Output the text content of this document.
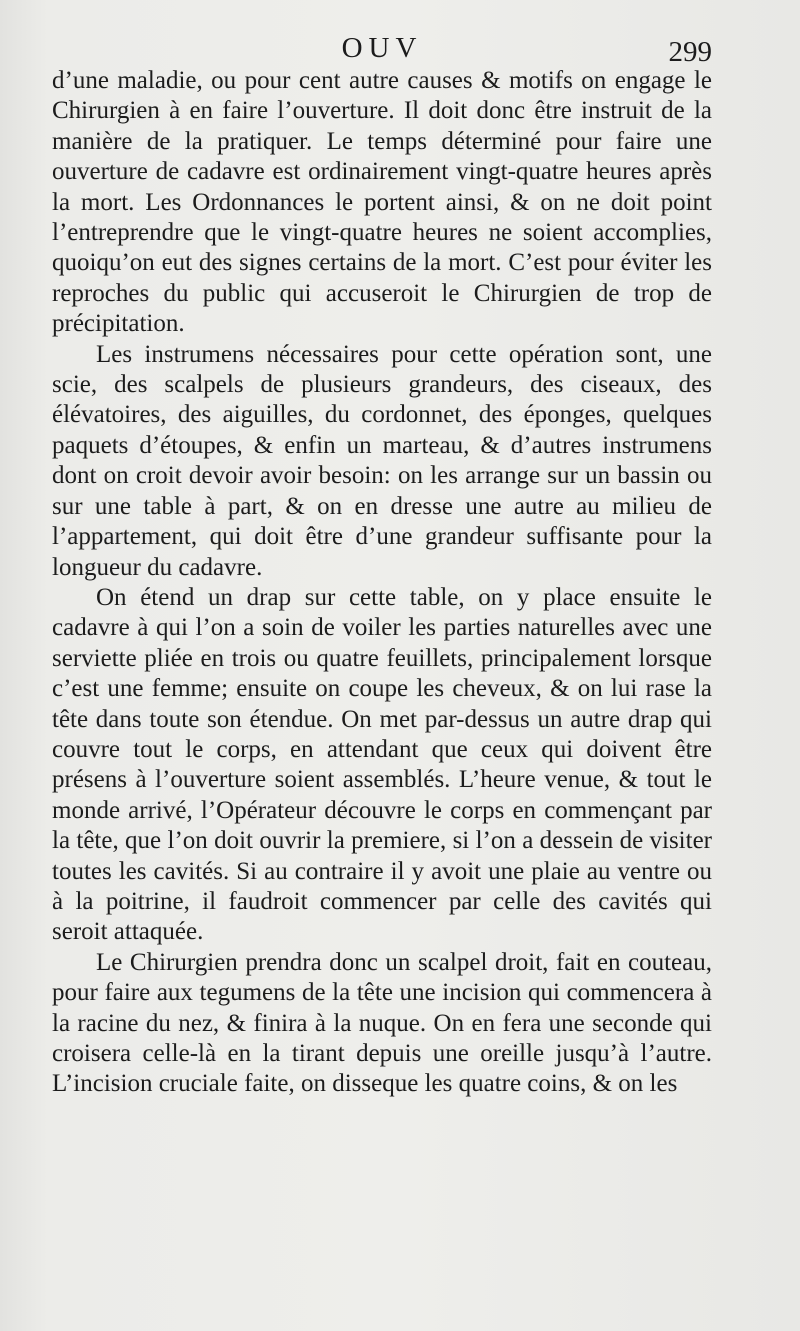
OUV	299

d’une maladie, ou pour cent autre causes & motifs on engage le Chirurgien à en faire l’ouverture. Il doit donc être instruit de la manière de la pratiquer. Le temps déterminé pour faire une ouverture de cadavre est ordinairement vingt-quatre heures après la mort. Les Ordonnances le portent ainsi, & on ne doit point l’entreprendre que le vingt-quatre heures ne soient accomplies, quoiqu’on eut des signes certains de la mort. C’est pour éviter les reproches du public qui accuseroit le Chirurgien de trop de précipitation.

Les instrumens nécessaires pour cette opération sont, une scie, des scalpels de plusieurs grandeurs, des ciseaux, des élévatoires, des aiguilles, du cordonnet, des éponges, quelques paquets d’étoupes, & enfin un marteau, & d’autres instrumens dont on croit devoir avoir besoin: on les arrange sur un bassin ou sur une table à part, & on en dresse une autre au milieu de l’appartement, qui doit être d’une grandeur suffisante pour la longueur du cadavre.

On étend un drap sur cette table, on y place ensuite le cadavre à qui l’on a soin de voiler les parties naturelles avec une serviette pliée en trois ou quatre feuillets, principalement lorsque c’est une femme; ensuite on coupe les cheveux, & on lui rase la tête dans toute son étendue. On met par-dessus un autre drap qui couvre tout le corps, en attendant que ceux qui doivent être présens à l’ouverture soient assemblés. L’heure venue, & tout le monde arrivé, l’Opérateur découvre le corps en commençant par la tête, que l’on doit ouvrir la premiere, si l’on a dessein de visiter toutes les cavités. Si au contraire il y avoit une plaie au ventre ou à la poitrine, il faudroit commencer par celle des cavités qui seroit attaquée.

Le Chirurgien prendra donc un scalpel droit, fait en couteau, pour faire aux tegumens de la tête une incision qui commencera à la racine du nez, & finira à la nuque. On en fera une seconde qui croisera celle-là en la tirant depuis une oreille jusqu’à l’autre. L’incision cruciale faite, on disseque les quatre coins, & on les
